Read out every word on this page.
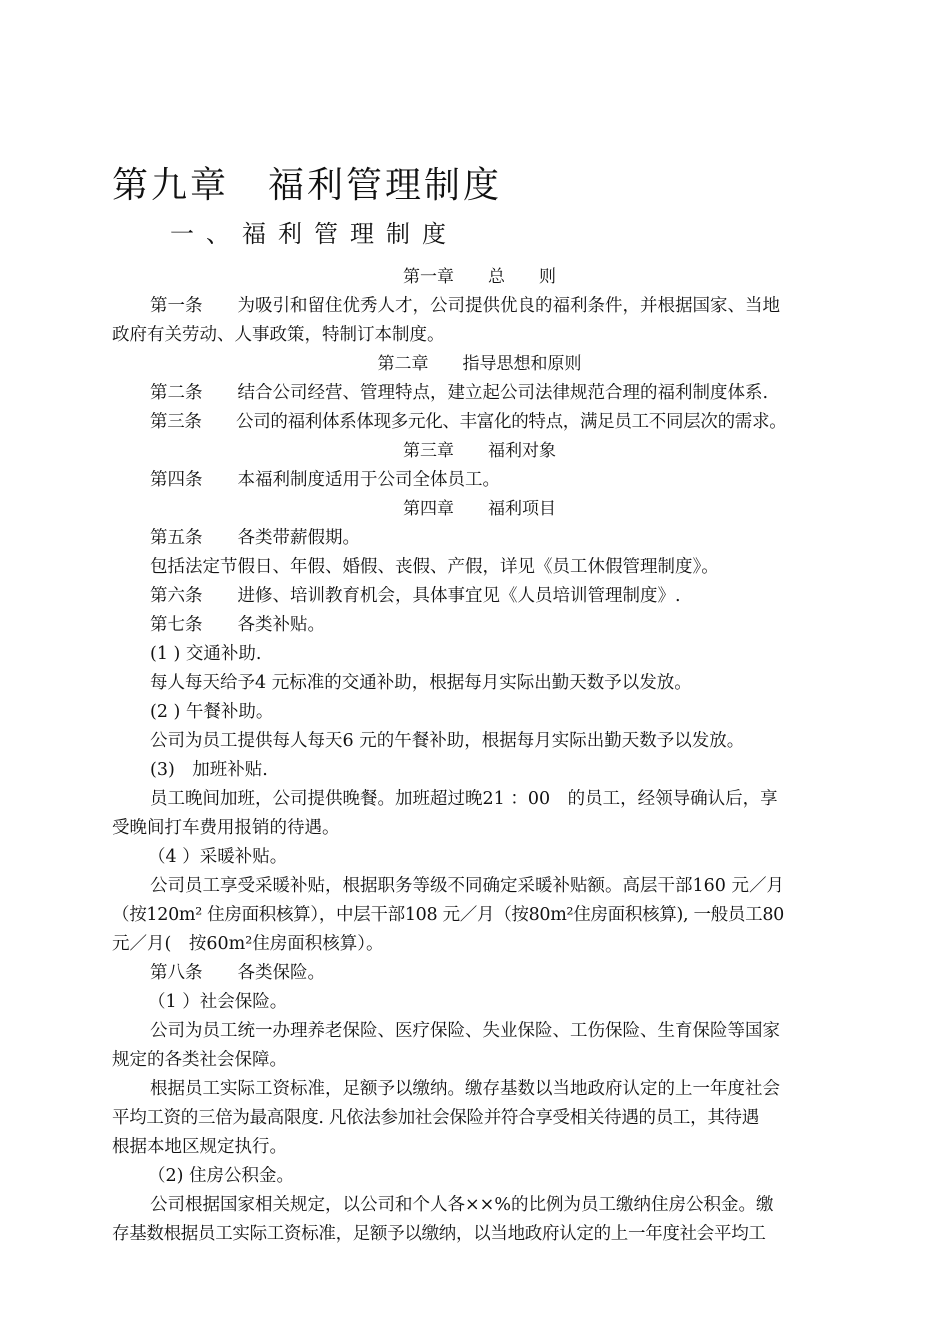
第九章　福利管理制度
一、福利管理制度
第一章　　总　　则
第一条　　为吸引和留住优秀人才，公司提供优良的福利条件，并根据国家、当地
政府有关劳动、人事政策，特制订本制度。
第二章　　指导思想和原则
第二条　　结合公司经营、管理特点，建立起公司法律规范合理的福利制度体系.
第三条　　公司的福利体系体现多元化、丰富化的特点，满足员工不同层次的需求。
第三章　　福利对象
第四条　　本福利制度适用于公司全体员工。
第四章　　福利项目
第五条　　各类带薪假期。
包括法定节假日、年假、婚假、丧假、产假，详见《员工休假管理制度》。
第六条　　进修、培训教育机会，具体事宜见《人员培训管理制度》.
第七条　　各类补贴。
(1 ) 交通补助.
每人每天给予4 元标准的交通补助，根据每月实际出勤天数予以发放。
(2 ) 午餐补助。
公司为员工提供每人每天6 元的午餐补助，根据每月实际出勤天数予以发放。
(3)　加班补贴.
员工晚间加班，公司提供晚餐。加班超过晚21 ：00　的员工，经领导确认后，享
受晚间打车费用报销的待遇。
（4 ）采暖补贴。
公司员工享受采暖补贴，根据职务等级不同确定采暖补贴额。高层干部160 元／月
（按120m² 住房面积核算），中层干部108 元／月（按80m²住房面积核算), 一般员工80
元／月(　按60m²住房面积核算）。
第八条　　各类保险。
（1 ）社会保险。
公司为员工统一办理养老保险、医疗保险、失业保险、工伤保险、生育保险等国家
规定的各类社会保障。
根据员工实际工资标准，足额予以缴纳。缴存基数以当地政府认定的上一年度社会
平均工资的三倍为最高限度. 凡依法参加社会保险并符合享受相关待遇的员工，其待遇
根据本地区规定执行。
（2) 住房公积金。
公司根据国家相关规定，以公司和个人各××%的比例为员工缴纳住房公积金。缴
存基数根据员工实际工资标准，足额予以缴纳，以当地政府认定的上一年度社会平均工
